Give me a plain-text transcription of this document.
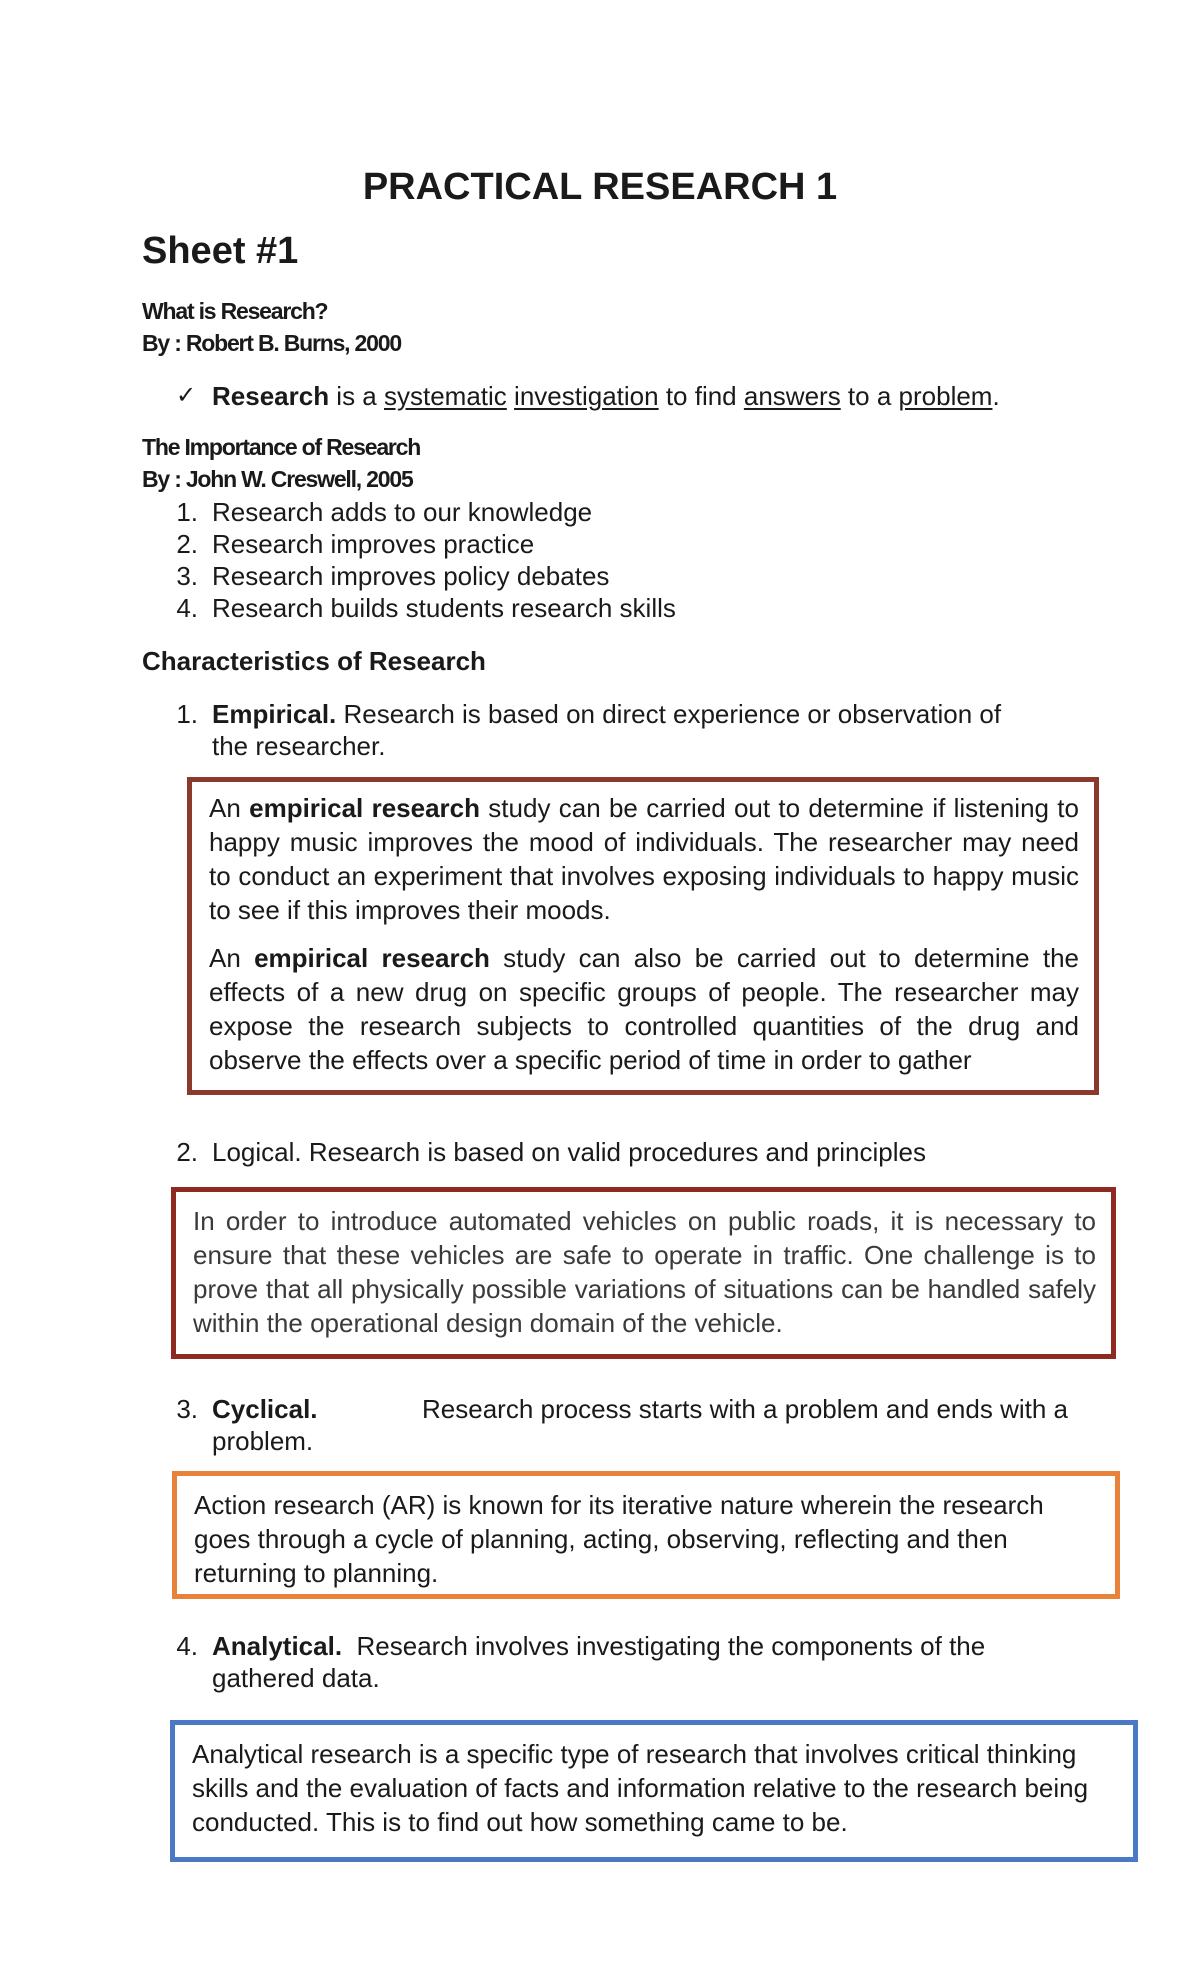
PRACTICAL RESEARCH 1
Sheet #1
What is Research?
By : Robert B. Burns, 2000
✓ Research is a systematic investigation to find answers to a problem.
The Importance of Research
By : John W. Creswell, 2005
1. Research adds to our knowledge
2. Research improves practice
3. Research improves policy debates
4. Research builds students research skills
Characteristics of Research
1. Empirical. Research is based on direct experience or observation of
the researcher.

An empirical research study can be carried out to determine if listening to happy music improves the mood of individuals. The researcher may need to conduct an experiment that involves exposing individuals to happy music to see if this improves their moods.

An empirical research study can also be carried out to determine the effects of a new drug on specific groups of people. The researcher may expose the research subjects to controlled quantities of the drug and observe the effects over a specific period of time in order to gather

2. Logical. Research is based on valid procedures and principles

In order to introduce automated vehicles on public roads, it is necessary to ensure that these vehicles are safe to operate in traffic. One challenge is to prove that all physically possible variations of situations can be handled safely within the operational design domain of the vehicle.

3. Cyclical.	Research process starts with a problem and ends with a
problem.

Action research (AR) is known for its iterative nature wherein the research goes through a cycle of planning, acting, observing, reflecting and then returning to planning.

4. Analytical.  Research involves investigating the components of the
gathered data.

Analytical research is a specific type of research that involves critical thinking skills and the evaluation of facts and information relative to the research being conducted. This is to find out how something came to be.
